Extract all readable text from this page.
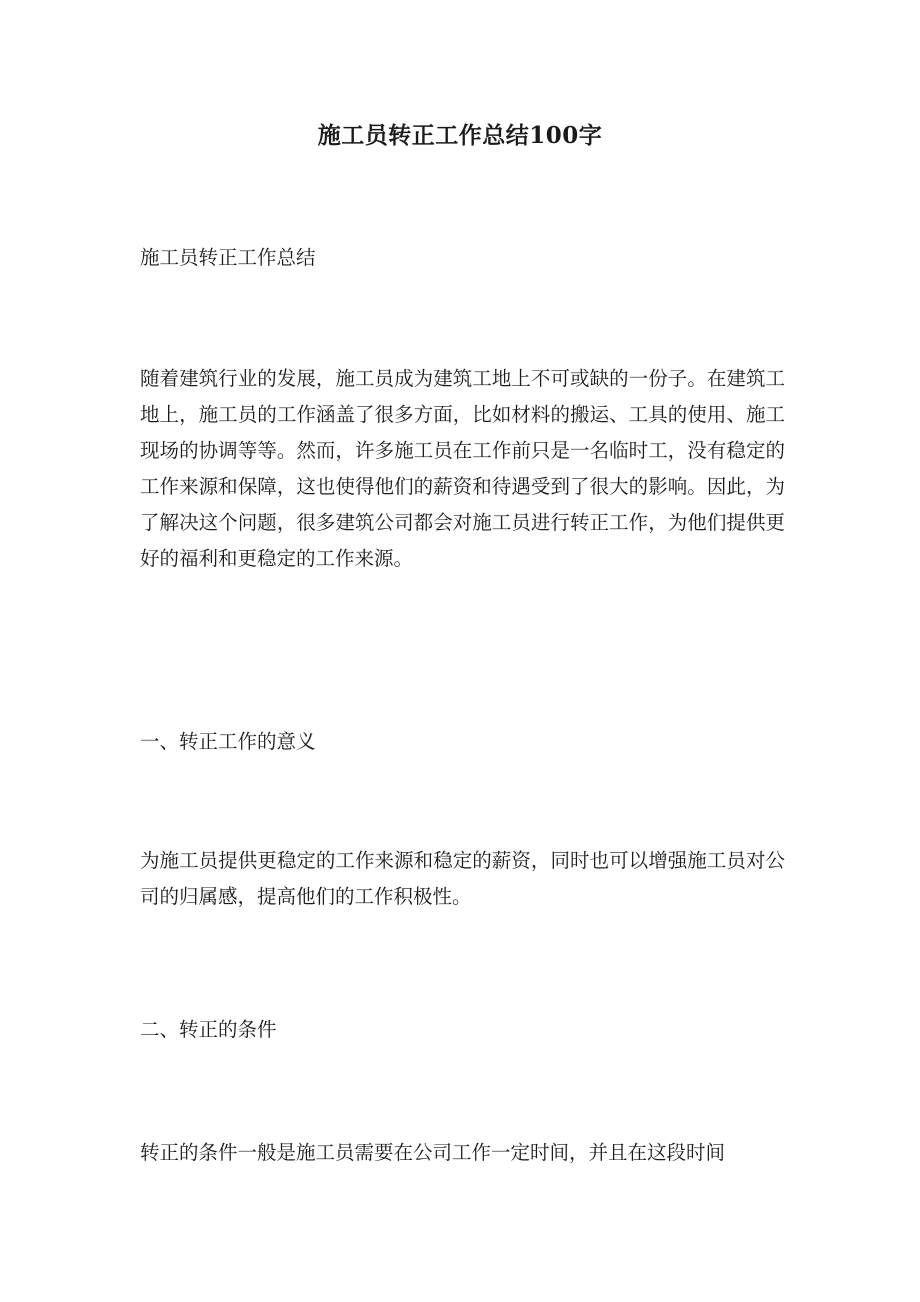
www.zixin.com.cn

施工员转正工作总结100字

施工员转正工作总结

随着建筑行业的发展，施工员成为建筑工地上不可或缺的一份子。在建筑工地上，施工员的工作涵盖了很多方面，比如材料的搬运、工具的使用、施工现场的协调等等。然而，许多施工员在工作前只是一名临时工，没有稳定的工作来源和保障，这也使得他们的薪资和待遇受到了很大的影响。因此，为了解决这个问题，很多建筑公司都会对施工员进行转正工作，为他们提供更好的福利和更稳定的工作来源。

一、转正工作的意义

为施工员提供更稳定的工作来源和稳定的薪资，同时也可以增强施工员对公司的归属感，提高他们的工作积极性。

二、转正的条件

转正的条件一般是施工员需要在公司工作一定时间，并且在这段时间
